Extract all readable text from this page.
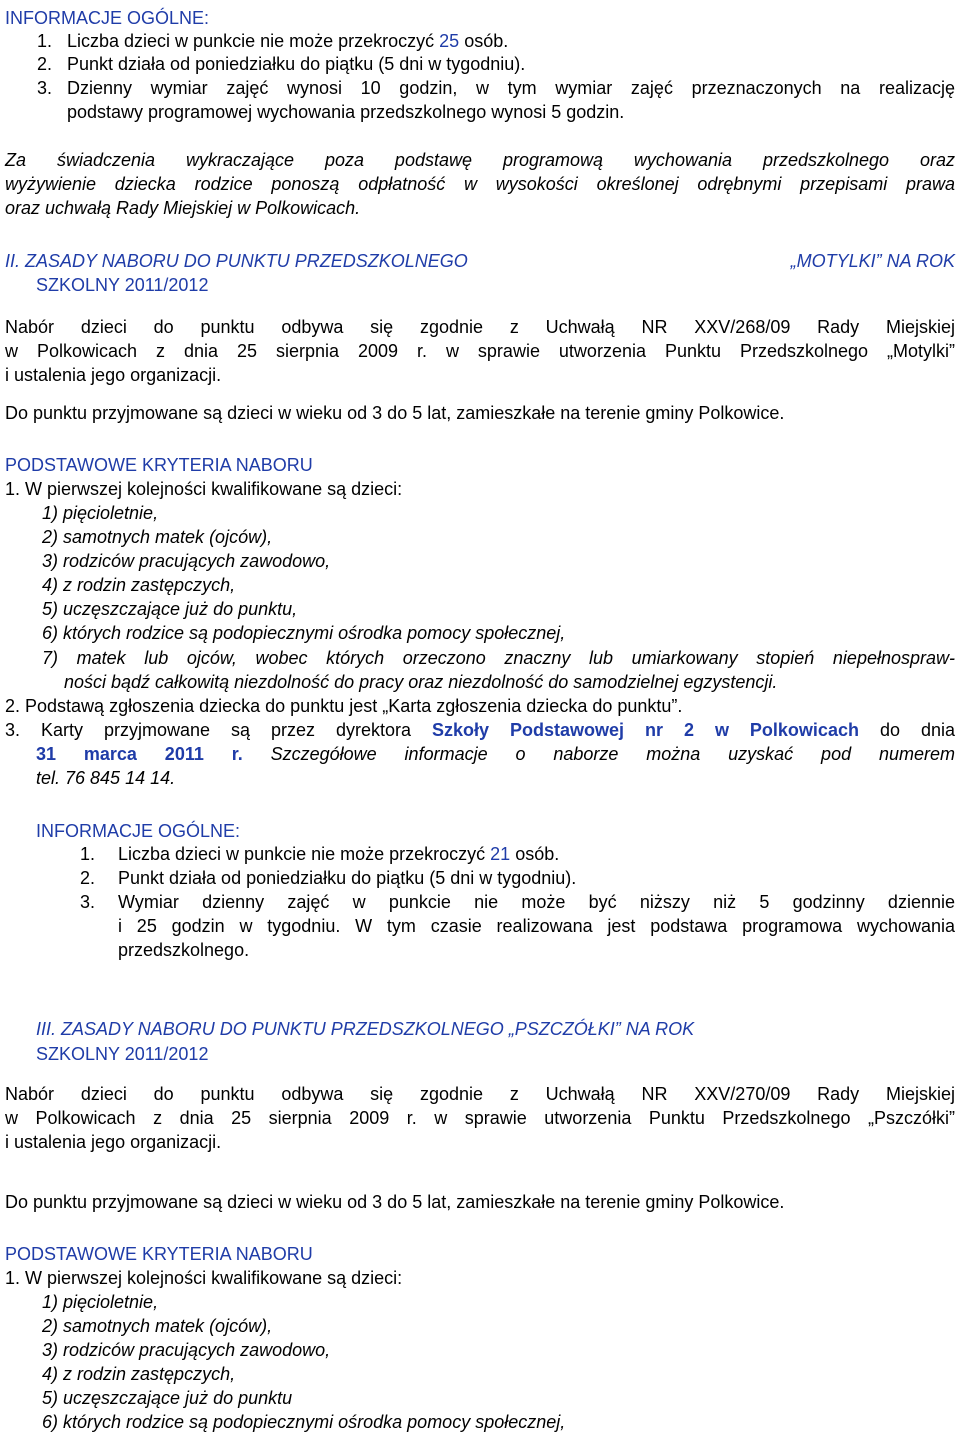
INFORMACJE OGÓLNE:
1. Liczba dzieci w punkcie nie może przekroczyć 25 osób.
2. Punkt działa od poniedziałku do piątku (5 dni w tygodniu).
3. Dzienny wymiar zajęć wynosi 10 godzin, w tym wymiar zajęć przeznaczonych na realizację
podstawy programowej wychowania przedszkolnego wynosi 5 godzin.
Za świadczenia wykraczające poza podstawę programową wychowania przedszkolnego oraz
wyżywienie dziecka rodzice ponoszą odpłatność w wysokości określonej odrębnymi przepisami prawa
oraz uchwałą Rady Miejskiej w Polkowicach.
II. ZASADY NABORU DO PUNKTU PRZEDSZKOLNEGO	„MOTYLKI” NA ROK
SZKOLNY 2011/2012
Nabór dzieci do punktu odbywa się zgodnie z Uchwałą NR XXV/268/09 Rady Miejskiej
w Polkowicach z dnia 25 sierpnia 2009 r. w sprawie utworzenia Punktu Przedszkolnego „Motylki”
i ustalenia jego organizacji.
Do punktu przyjmowane są dzieci w wieku od 3 do 5 lat, zamieszkałe na terenie gminy Polkowice.
PODSTAWOWE KRYTERIA NABORU
1. W pierwszej kolejności kwalifikowane są dzieci:
1) pięcioletnie,
2) samotnych matek (ojców),
3) rodziców pracujących zawodowo,
4) z rodzin zastępczych,
5) uczęszczające już do punktu,
6) których rodzice są podopiecznymi ośrodka pomocy społecznej,
7) matek lub ojców, wobec których orzeczono znaczny lub umiarkowany stopień niepełnospraw-
ności bądź całkowitą niezdolność do pracy oraz niezdolność do samodzielnej egzystencji.
2. Podstawą zgłoszenia dziecka do punktu jest „Karta zgłoszenia dziecka do punktu”.
3. Karty przyjmowane są przez dyrektora Szkoły Podstawowej nr 2 w Polkowicach do dnia
31 marca 2011 r. Szczegółowe informacje o naborze można uzyskać pod numerem
tel. 76 845 14 14.
INFORMACJE OGÓLNE:
1. Liczba dzieci w punkcie nie może przekroczyć 21 osób.
2. Punkt działa od poniedziałku do piątku (5 dni w tygodniu).
3.	Wymiar dzienny zajęć w punkcie nie może być niższy niż 5 godzinny dziennie
i 25 godzin w tygodniu. W tym czasie realizowana jest podstawa programowa wychowania
przedszkolnego.
III. ZASADY NABORU DO PUNKTU PRZEDSZKOLNEGO „PSZCZÓŁKI” NA ROK
SZKOLNY 2011/2012
Nabór dzieci do punktu odbywa się zgodnie z Uchwałą NR XXV/270/09 Rady Miejskiej
w Polkowicach z dnia 25 sierpnia 2009 r. w sprawie utworzenia Punktu Przedszkolnego „Pszczółki”
i ustalenia jego organizacji.
Do punktu przyjmowane są dzieci w wieku od 3 do 5 lat, zamieszkałe na terenie gminy Polkowice.
PODSTAWOWE KRYTERIA NABORU
1. W pierwszej kolejności kwalifikowane są dzieci:
1) pięcioletnie,
2) samotnych matek (ojców),
3) rodziców pracujących zawodowo,
4) z rodzin zastępczych,
5) uczęszczające już do punktu
6) których rodzice są podopiecznymi ośrodka pomocy społecznej,
